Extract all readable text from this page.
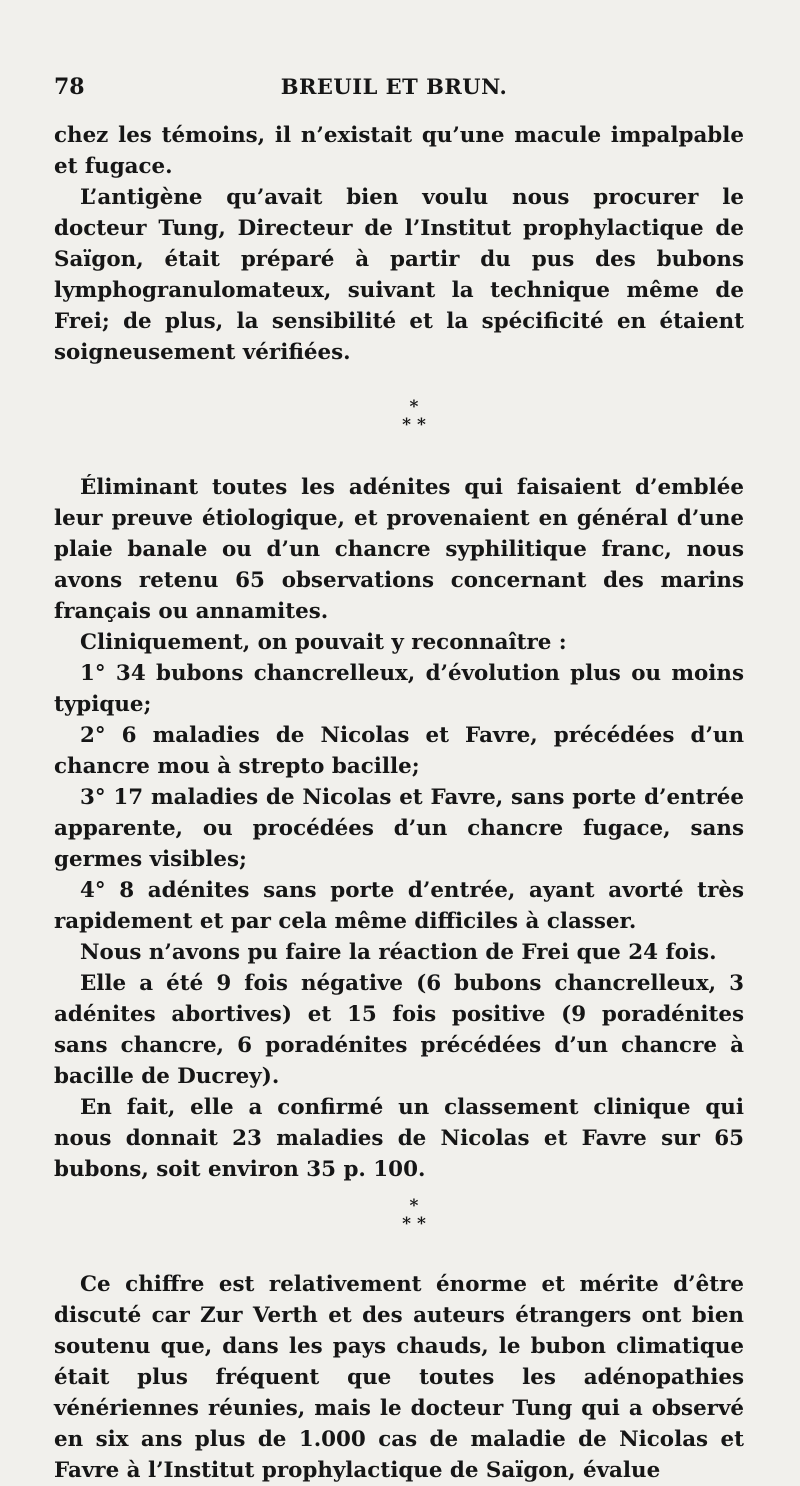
78	BREUIL ET BRUN.

chez les témoins, il n’existait qu’une macule impalpable et fugace.

L’antigène qu’avait bien voulu nous procurer le docteur Tung, Directeur de l’Institut prophylactique de Saïgon, était préparé à partir du pus des bubons lymphogranulomateux, suivant la technique même de Frei; de plus, la sensibilité et la spécificité en étaient soigneusement vérifiées.

*
* *

Éliminant toutes les adénites qui faisaient d’emblée leur preuve étiologique, et provenaient en général d’une plaie banale ou d’un chancre syphilitique franc, nous avons retenu 65 observations concernant des marins français ou annamites.

Cliniquement, on pouvait y reconnaître :

1° 34 bubons chancrelleux, d’évolution plus ou moins typique;

2° 6 maladies de Nicolas et Favre, précédées d’un chancre mou à strepto bacille;

3° 17 maladies de Nicolas et Favre, sans porte d’entrée apparente, ou procédées d’un chancre fugace, sans germes visibles;

4° 8 adénites sans porte d’entrée, ayant avorté très rapidement et par cela même difficiles à classer.

Nous n’avons pu faire la réaction de Frei que 24 fois.

Elle a été 9 fois négative (6 bubons chancrelleux, 3 adénites abortives) et 15 fois positive (9 poradénites sans chancre, 6 poradénites précédées d’un chancre à bacille de Ducrey).

En fait, elle a confirmé un classement clinique qui nous donnait 23 maladies de Nicolas et Favre sur 65 bubons, soit environ 35 p. 100.

*
* *

Ce chiffre est relativement énorme et mérite d’être discuté car Zur Verth et des auteurs étrangers ont bien soutenu que, dans les pays chauds, le bubon climatique était plus fréquent que toutes les adénopathies vénériennes réunies, mais le docteur Tung qui a observé en six ans plus de 1.000 cas de maladie de Nicolas et Favre à l’Institut prophylactique de Saïgon, évalue
